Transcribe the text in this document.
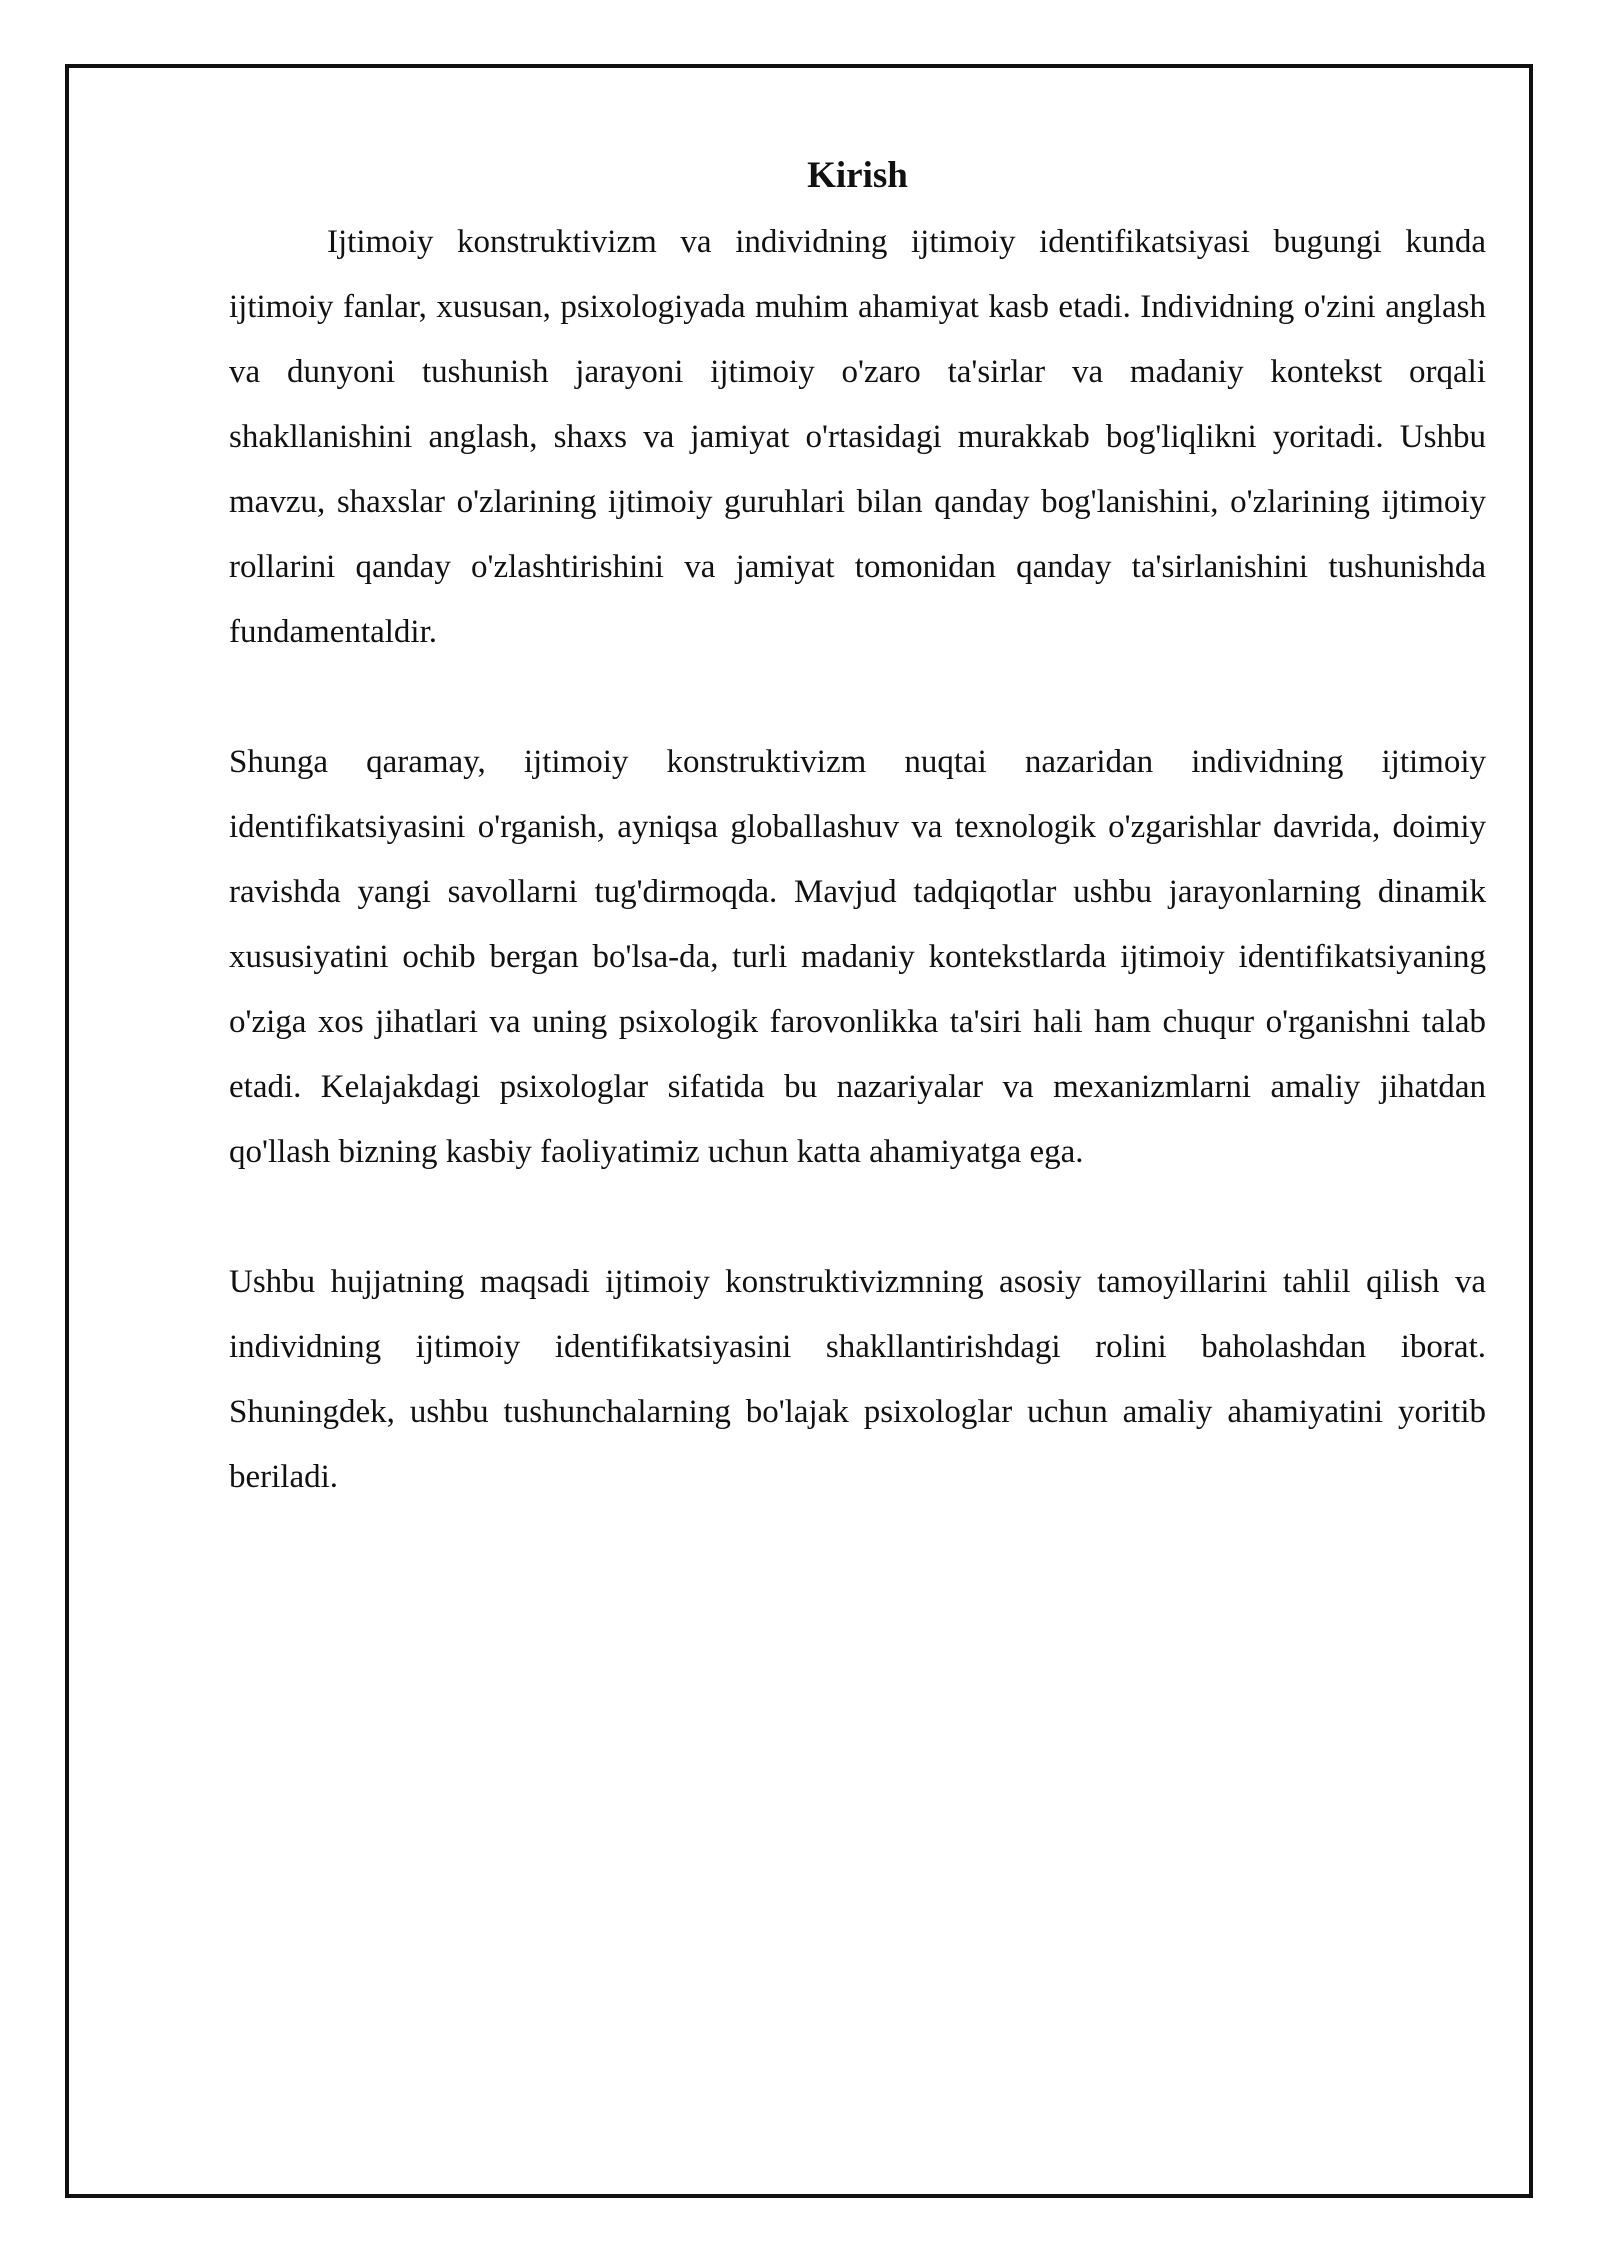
Kirish

Ijtimoiy konstruktivizm va individning ijtimoiy identifikatsiyasi bugungi kunda ijtimoiy fanlar, xususan, psixologiyada muhim ahamiyat kasb etadi. Individning o'zini anglash va dunyoni tushunish jarayoni ijtimoiy o'zaro ta'sirlar va madaniy kontekst orqali shakllanishini anglash, shaxs va jamiyat o'rtasidagi murakkab bog'liqlikni yoritadi. Ushbu mavzu, shaxslar o'zlarining ijtimoiy guruhlari bilan qanday bog'lanishini, o'zlarining ijtimoiy rollarini qanday o'zlashtirishini va jamiyat tomonidan qanday ta'sirlanishini tushunishda fundamentaldir.

Shunga qaramay, ijtimoiy konstruktivizm nuqtai nazaridan individning ijtimoiy identifikatsiyasini o'rganish, ayniqsa globallashuv va texnologik o'zgarishlar davrida, doimiy ravishda yangi savollarni tug'dirmoqda. Mavjud tadqiqotlar ushbu jarayonlarning dinamik xususiyatini ochib bergan bo'lsa-da, turli madaniy kontekstlarda ijtimoiy identifikatsiyaning o'ziga xos jihatlari va uning psixologik farovonlikka ta'siri hali ham chuqur o'rganishni talab etadi. Kelajakdagi psixologlar sifatida bu nazariyalar va mexanizmlarni amaliy jihatdan qo'llash bizning kasbiy faoliyatimiz uchun katta ahamiyatga ega.

Ushbu hujjatning maqsadi ijtimoiy konstruktivizmning asosiy tamoyillarini tahlil qilish va individning ijtimoiy identifikatsiyasini shakllantirishdagi rolini baholashdan iborat. Shuningdek, ushbu tushunchalarning bo'lajak psixologlar uchun amaliy ahamiyatini yoritib beriladi.
